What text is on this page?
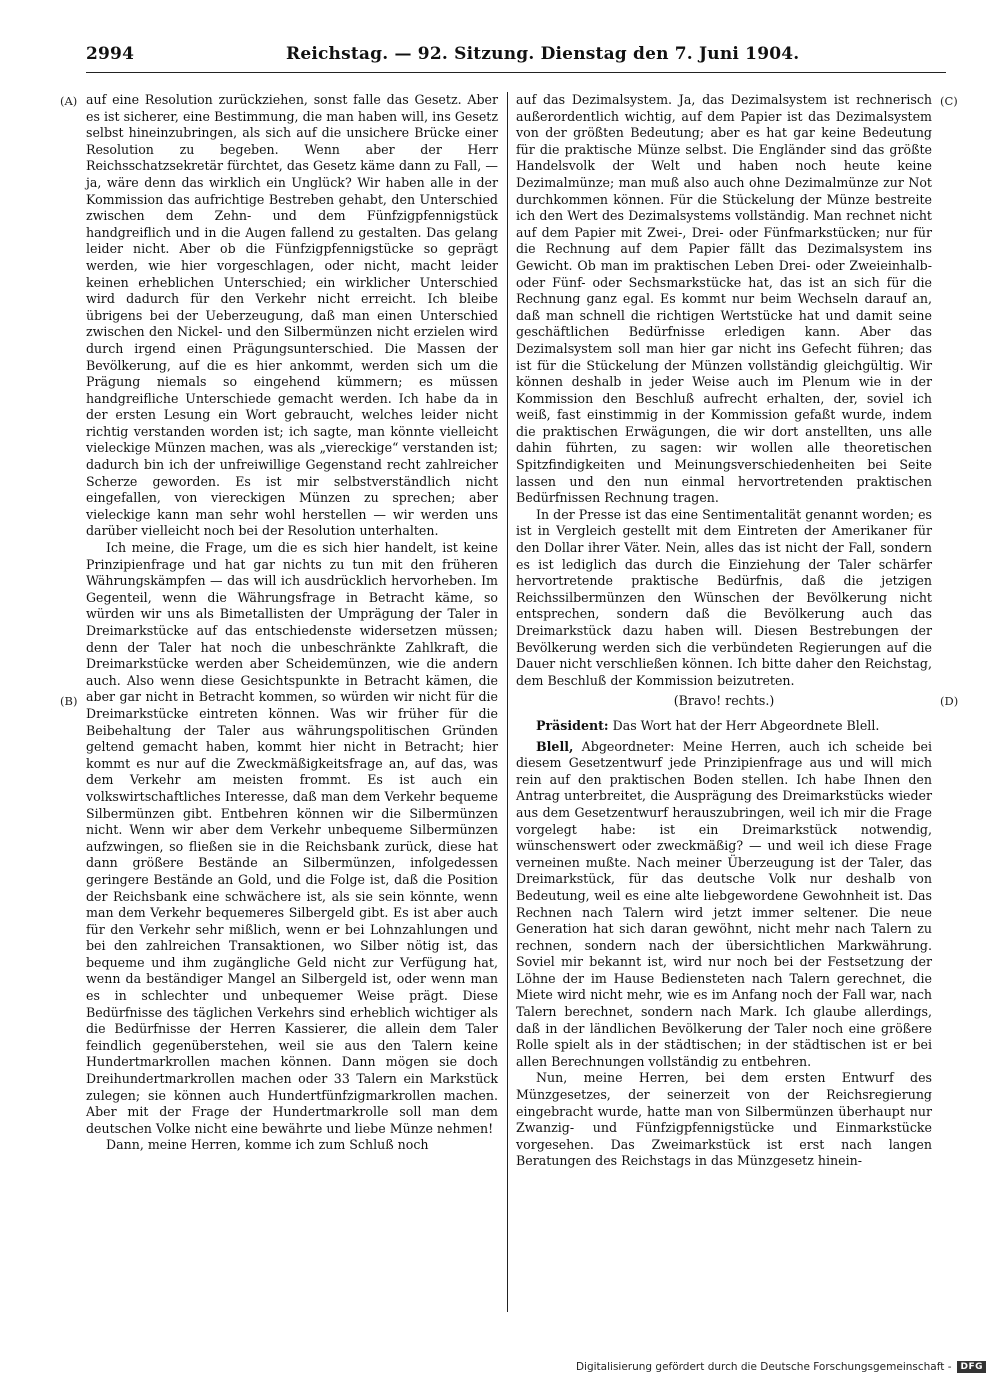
2994	Reichstag. — 92. Sitzung. Dienstag den 7. Juni 1904.
(A)
(B)
(C)
(D)

auf eine Resolution zurückziehen, sonst falle das Gesetz. Aber es ist sicherer, eine Bestimmung, die man haben will, ins Gesetz selbst hineinzubringen, als sich auf die unsichere Brücke einer Resolution zu begeben. Wenn aber der Herr Reichsschatzsekretär fürchtet, das Gesetz käme dann zu Fall, — ja, wäre denn das wirklich ein Unglück? Wir haben alle in der Kommission das aufrichtige Bestreben gehabt, den Unterschied zwischen dem Zehn- und dem Fünfzigpfennigstück handgreiflich und in die Augen fallend zu gestalten. Das gelang leider nicht. Aber ob die Fünfzigpfennigstücke so geprägt werden, wie hier vorgeschlagen, oder nicht, macht leider keinen erheblichen Unterschied; ein wirklicher Unterschied wird dadurch für den Verkehr nicht erreicht. Ich bleibe übrigens bei der Ueberzeugung, daß man einen Unterschied zwischen den Nickel- und den Silbermünzen nicht erzielen wird durch irgend einen Prägungsunterschied. Die Massen der Bevölkerung, auf die es hier ankommt, werden sich um die Prägung niemals so eingehend kümmern; es müssen handgreifliche Unterschiede gemacht werden. Ich habe da in der ersten Lesung ein Wort gebraucht, welches leider nicht richtig verstanden worden ist; ich sagte, man könnte vielleicht vieleckige Münzen machen, was als „viereckige“ verstanden ist; dadurch bin ich der unfreiwillige Gegenstand recht zahlreicher Scherze geworden. Es ist mir selbstverständlich nicht eingefallen, von viereckigen Münzen zu sprechen; aber vieleckige kann man sehr wohl herstellen — wir werden uns darüber vielleicht noch bei der Resolution unterhalten.

Ich meine, die Frage, um die es sich hier handelt, ist keine Prinzipienfrage und hat gar nichts zu tun mit den früheren Währungskämpfen — das will ich ausdrücklich hervorheben. Im Gegenteil, wenn die Währungsfrage in Betracht käme, so würden wir uns als Bimetallisten der Umprägung der Taler in Dreimarkstücke auf das entschiedenste widersetzen müssen; denn der Taler hat noch die unbeschränkte Zahlkraft, die Dreimarkstücke werden aber Scheidemünzen, wie die andern auch. Also wenn diese Gesichtspunkte in Betracht kämen, die aber gar nicht in Betracht kommen, so würden wir nicht für die Dreimarkstücke eintreten können. Was wir früher für die Beibehaltung der Taler aus währungspolitischen Gründen geltend gemacht haben, kommt hier nicht in Betracht; hier kommt es nur auf die Zweckmäßigkeitsfrage an, auf das, was dem Verkehr am meisten frommt. Es ist auch ein volkswirtschaftliches Interesse, daß man dem Verkehr bequeme Silbermünzen gibt. Entbehren können wir die Silbermünzen nicht. Wenn wir aber dem Verkehr unbequeme Silbermünzen aufzwingen, so fließen sie in die Reichsbank zurück, diese hat dann größere Bestände an Silbermünzen, infolgedessen geringere Bestände an Gold, und die Folge ist, daß die Position der Reichsbank eine schwächere ist, als sie sein könnte, wenn man dem Verkehr bequemeres Silbergeld gibt. Es ist aber auch für den Verkehr sehr mißlich, wenn er bei Lohnzahlungen und bei den zahlreichen Transaktionen, wo Silber nötig ist, das bequeme und ihm zugängliche Geld nicht zur Verfügung hat, wenn da beständiger Mangel an Silbergeld ist, oder wenn man es in schlechter und unbequemer Weise prägt. Diese Bedürfnisse des täglichen Verkehrs sind erheblich wichtiger als die Bedürfnisse der Herren Kassierer, die allein dem Taler feindlich gegenüberstehen, weil sie aus den Talern keine Hundertmarkrollen machen können. Dann mögen sie doch Dreihundertmarkrollen machen oder 33 Talern ein Markstück zulegen; sie können auch Hundertfünfzigmarkrollen machen. Aber mit der Frage der Hundertmarkrolle soll man dem deutschen Volke nicht eine bewährte und liebe Münze nehmen!

Dann, meine Herren, komme ich zum Schluß noch

auf das Dezimalsystem. Ja, das Dezimalsystem ist rechnerisch außerordentlich wichtig, auf dem Papier ist das Dezimalsystem von der größten Bedeutung; aber es hat gar keine Bedeutung für die praktische Münze selbst. Die Engländer sind das größte Handelsvolk der Welt und haben noch heute keine Dezimalmünze; man muß also auch ohne Dezimalmünze zur Not durchkommen können. Für die Stückelung der Münze bestreite ich den Wert des Dezimalsystems vollständig. Man rechnet nicht auf dem Papier mit Zwei-, Drei- oder Fünfmarkstücken; nur für die Rechnung auf dem Papier fällt das Dezimalsystem ins Gewicht. Ob man im praktischen Leben Drei- oder Zweieinhalb- oder Fünf- oder Sechsmarkstücke hat, das ist an sich für die Rechnung ganz egal. Es kommt nur beim Wechseln darauf an, daß man schnell die richtigen Wertstücke hat und damit seine geschäftlichen Bedürfnisse erledigen kann. Aber das Dezimalsystem soll man hier gar nicht ins Gefecht führen; das ist für die Stückelung der Münzen vollständig gleichgültig. Wir können deshalb in jeder Weise auch im Plenum wie in der Kommission den Beschluß aufrecht erhalten, der, soviel ich weiß, fast einstimmig in der Kommission gefaßt wurde, indem die praktischen Erwägungen, die wir dort anstellten, uns alle dahin führten, zu sagen: wir wollen alle theoretischen Spitzfindigkeiten und Meinungsverschiedenheiten bei Seite lassen und den nun einmal hervortretenden praktischen Bedürfnissen Rechnung tragen.

In der Presse ist das eine Sentimentalität genannt worden; es ist in Vergleich gestellt mit dem Eintreten der Amerikaner für den Dollar ihrer Väter. Nein, alles das ist nicht der Fall, sondern es ist lediglich das durch die Einziehung der Taler schärfer hervortretende praktische Bedürfnis, daß die jetzigen Reichssilbermünzen den Wünschen der Bevölkerung nicht entsprechen, sondern daß die Bevölkerung auch das Dreimarkstück dazu haben will. Diesen Bestrebungen der Bevölkerung werden sich die verbündeten Regierungen auf die Dauer nicht verschließen können. Ich bitte daher den Reichstag, dem Beschluß der Kommission beizutreten.

(Bravo! rechts.)

Präsident: Das Wort hat der Herr Abgeordnete Blell.

Blell, Abgeordneter: Meine Herren, auch ich scheide bei diesem Gesetzentwurf jede Prinzipienfrage aus und will mich rein auf den praktischen Boden stellen. Ich habe Ihnen den Antrag unterbreitet, die Ausprägung des Dreimarkstücks wieder aus dem Gesetzentwurf herauszubringen, weil ich mir die Frage vorgelegt habe: ist ein Dreimarkstück notwendig, wünschenswert oder zweckmäßig? — und weil ich diese Frage verneinen mußte. Nach meiner Überzeugung ist der Taler, das Dreimarkstück, für das deutsche Volk nur deshalb von Bedeutung, weil es eine alte liebgewordene Gewohnheit ist. Das Rechnen nach Talern wird jetzt immer seltener. Die neue Generation hat sich daran gewöhnt, nicht mehr nach Talern zu rechnen, sondern nach der übersichtlichen Markwährung. Soviel mir bekannt ist, wird nur noch bei der Festsetzung der Löhne der im Hause Bediensteten nach Talern gerechnet, die Miete wird nicht mehr, wie es im Anfang noch der Fall war, nach Talern berechnet, sondern nach Mark. Ich glaube allerdings, daß in der ländlichen Bevölkerung der Taler noch eine größere Rolle spielt als in der städtischen; in der städtischen ist er bei allen Berechnungen vollständig zu entbehren.

Nun, meine Herren, bei dem ersten Entwurf des Münzgesetzes, der seinerzeit von der Reichsregierung eingebracht wurde, hatte man von Silbermünzen überhaupt nur Zwanzig- und Fünfzigpfennigstücke und Einmarkstücke vorgesehen. Das Zweimarkstück ist erst nach langen Beratungen des Reichstags in das Münzgesetz hinein-

Digitalisierung gefördert durch die Deutsche Forschungsgemeinschaft -	DFG
